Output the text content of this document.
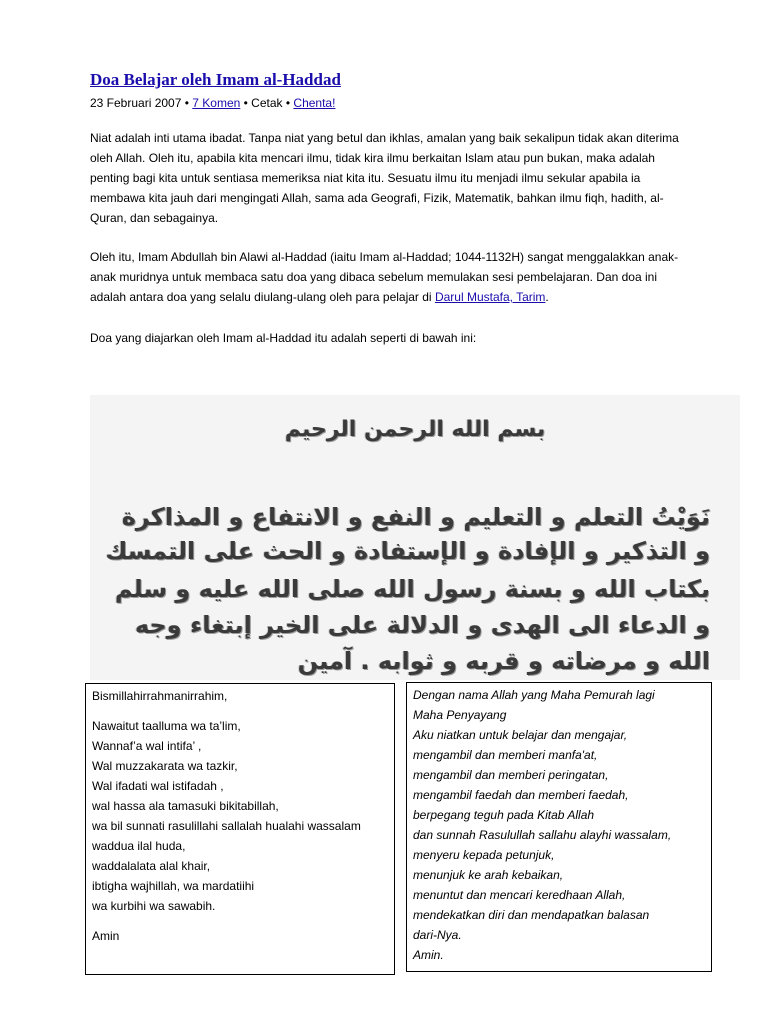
Doa Belajar oleh Imam al-Haddad
23 Februari 2007 • 7 Komen • Cetak • Chenta!
Niat adalah inti utama ibadat. Tanpa niat yang betul dan ikhlas, amalan yang baik sekalipun tidak akan diterima oleh Allah. Oleh itu, apabila kita mencari ilmu, tidak kira ilmu berkaitan Islam atau pun bukan, maka adalah penting bagi kita untuk sentiasa memeriksa niat kita itu. Sesuatu ilmu itu menjadi ilmu sekular apabila ia membawa kita jauh dari mengingati Allah, sama ada Geografi, Fizik, Matematik, bahkan ilmu fiqh, hadith, al-Quran, dan sebagainya.
Oleh itu, Imam Abdullah bin Alawi al-Haddad (iaitu Imam al-Haddad; 1044-1132H) sangat menggalakkan anak-anak muridnya untuk membaca satu doa yang dibaca sebelum memulakan sesi pembelajaran. Dan doa ini adalah antara doa yang selalu diulang-ulang oleh para pelajar di Darul Mustafa, Tarim.
Doa yang diajarkan oleh Imam al-Haddad itu adalah seperti di bawah ini:
بسم الله الرحمن الرحيم
نَوَيْتُ التعلم و التعليم و النفع و الانتفاع و المذاكرة
و التذكير و الإفادة و الإستفادة و الحث على التمسك
بكتاب الله و بسنة رسول الله صلى الله عليه و سلم
و الدعاء الى الهدى و الدلالة على الخير إبتغاء وجه
الله و مرضاته و قربه و ثوابه . آمين
Bismillahirrahmanirrahim,
Nawaitut taalluma wa ta’lim,
Wannaf’a wal intifa’ ,
Wal muzzakarata wa tazkir,
Wal ifadati wal istifadah ,
wal hassa ala tamasuki bikitabillah,
wa bil sunnati rasulillahi sallalah hualahi wassalam
waddua ilal huda,
waddalalata alal khair,
ibtigha wajhillah, wa mardatiihi
wa kurbihi wa sawabih.
Amin
Dengan nama Allah yang Maha Pemurah lagi
Maha Penyayang
Aku niatkan untuk belajar dan mengajar,
mengambil dan memberi manfa'at,
mengambil dan memberi peringatan,
mengambil faedah dan memberi faedah,
berpegang teguh pada Kitab Allah
dan sunnah Rasulullah sallahu alayhi wassalam,
menyeru kepada petunjuk,
menunjuk ke arah kebaikan,
menuntut dan mencari keredhaan Allah,
mendekatkan diri dan mendapatkan balasan
dari-Nya.
Amin.
